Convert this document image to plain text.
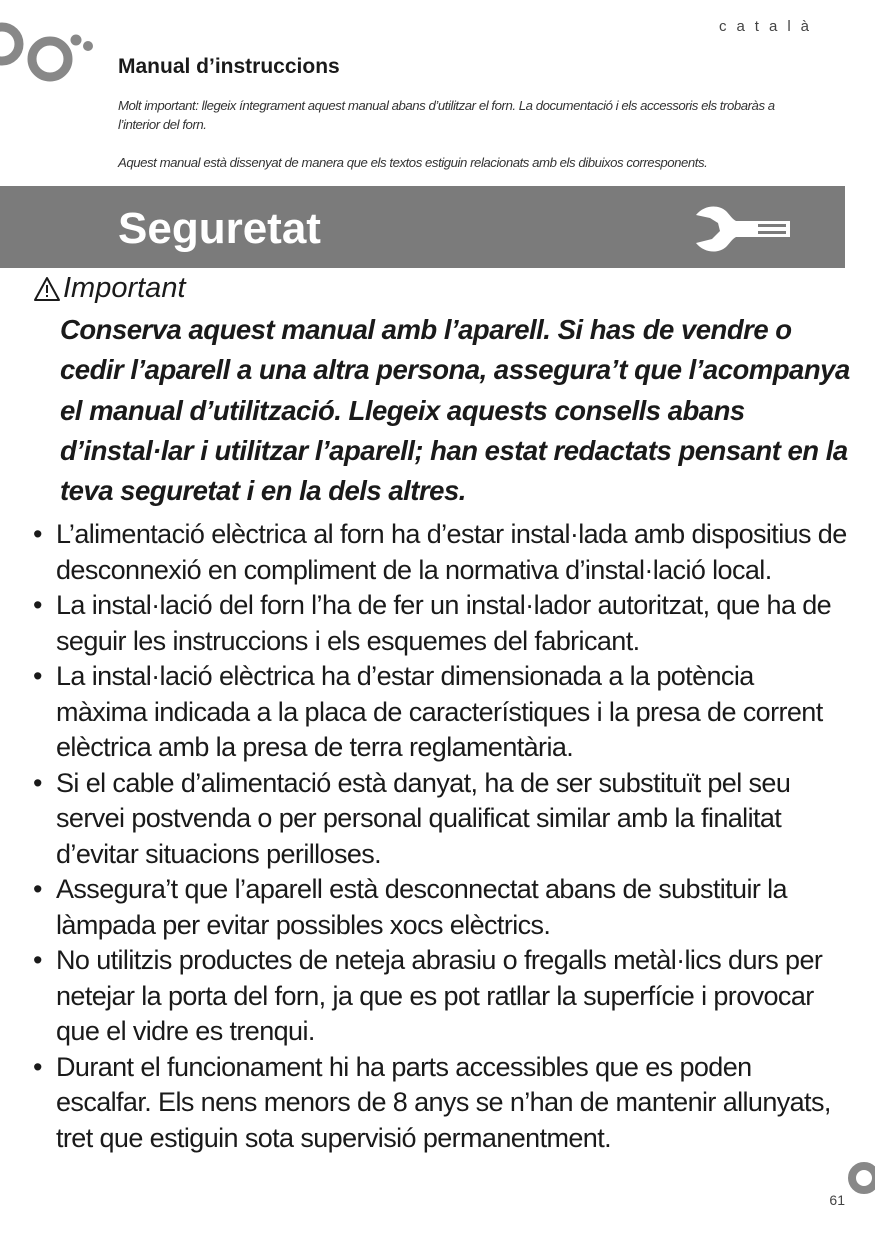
català
Manual d’instruccions
Molt important: llegeix íntegrament aquest manual abans d’utilitzar el forn. La documentació i els accessoris els trobaràs a l’interior del forn.
Aquest manual està dissenyat de manera que els textos estiguin relacionats amb els dibuixos corresponents.
Seguretat
Important
Conserva aquest manual amb l’aparell. Si has de vendre o cedir l’aparell a una altra persona, assegura’t que l’acompanya el manual d’utilització. Llegeix aquests consells abans d’instal·lar i utilitzar l’aparell; han estat redactats pensant en la teva seguretat i en la dels altres.
• L’alimentació elèctrica al forn ha d’estar instal·lada amb dispositius de desconnexió en compliment de la normativa d’instal·lació local.
• La instal·lació del forn l’ha de fer un instal·lador autoritzat, que ha de seguir les instruccions i els esquemes del fabricant.
• La instal·lació elèctrica ha d’estar dimensionada a la potència màxima indicada a la placa de característiques i la presa de corrent elèctrica amb la presa de terra reglamentària.
• Si el cable d’alimentació està danyat, ha de ser substituït pel seu servei postvenda o per personal qualificat similar amb la finalitat d’evitar situacions perilloses.
• Assegura’t que l’aparell està desconnectat abans de substituir la làmpada per evitar possibles xocs elèctrics.
• No utilitzis productes de neteja abrasiu o fregalls metàl·lics durs per netejar la porta del forn, ja que es pot ratllar la superfície i provocar que el vidre es trenqui.
• Durant el funcionament hi ha parts accessibles que es poden escalfar. Els nens menors de 8 anys se n’han de mantenir allunyats, tret que estiguin sota supervisió permanentment.
61
